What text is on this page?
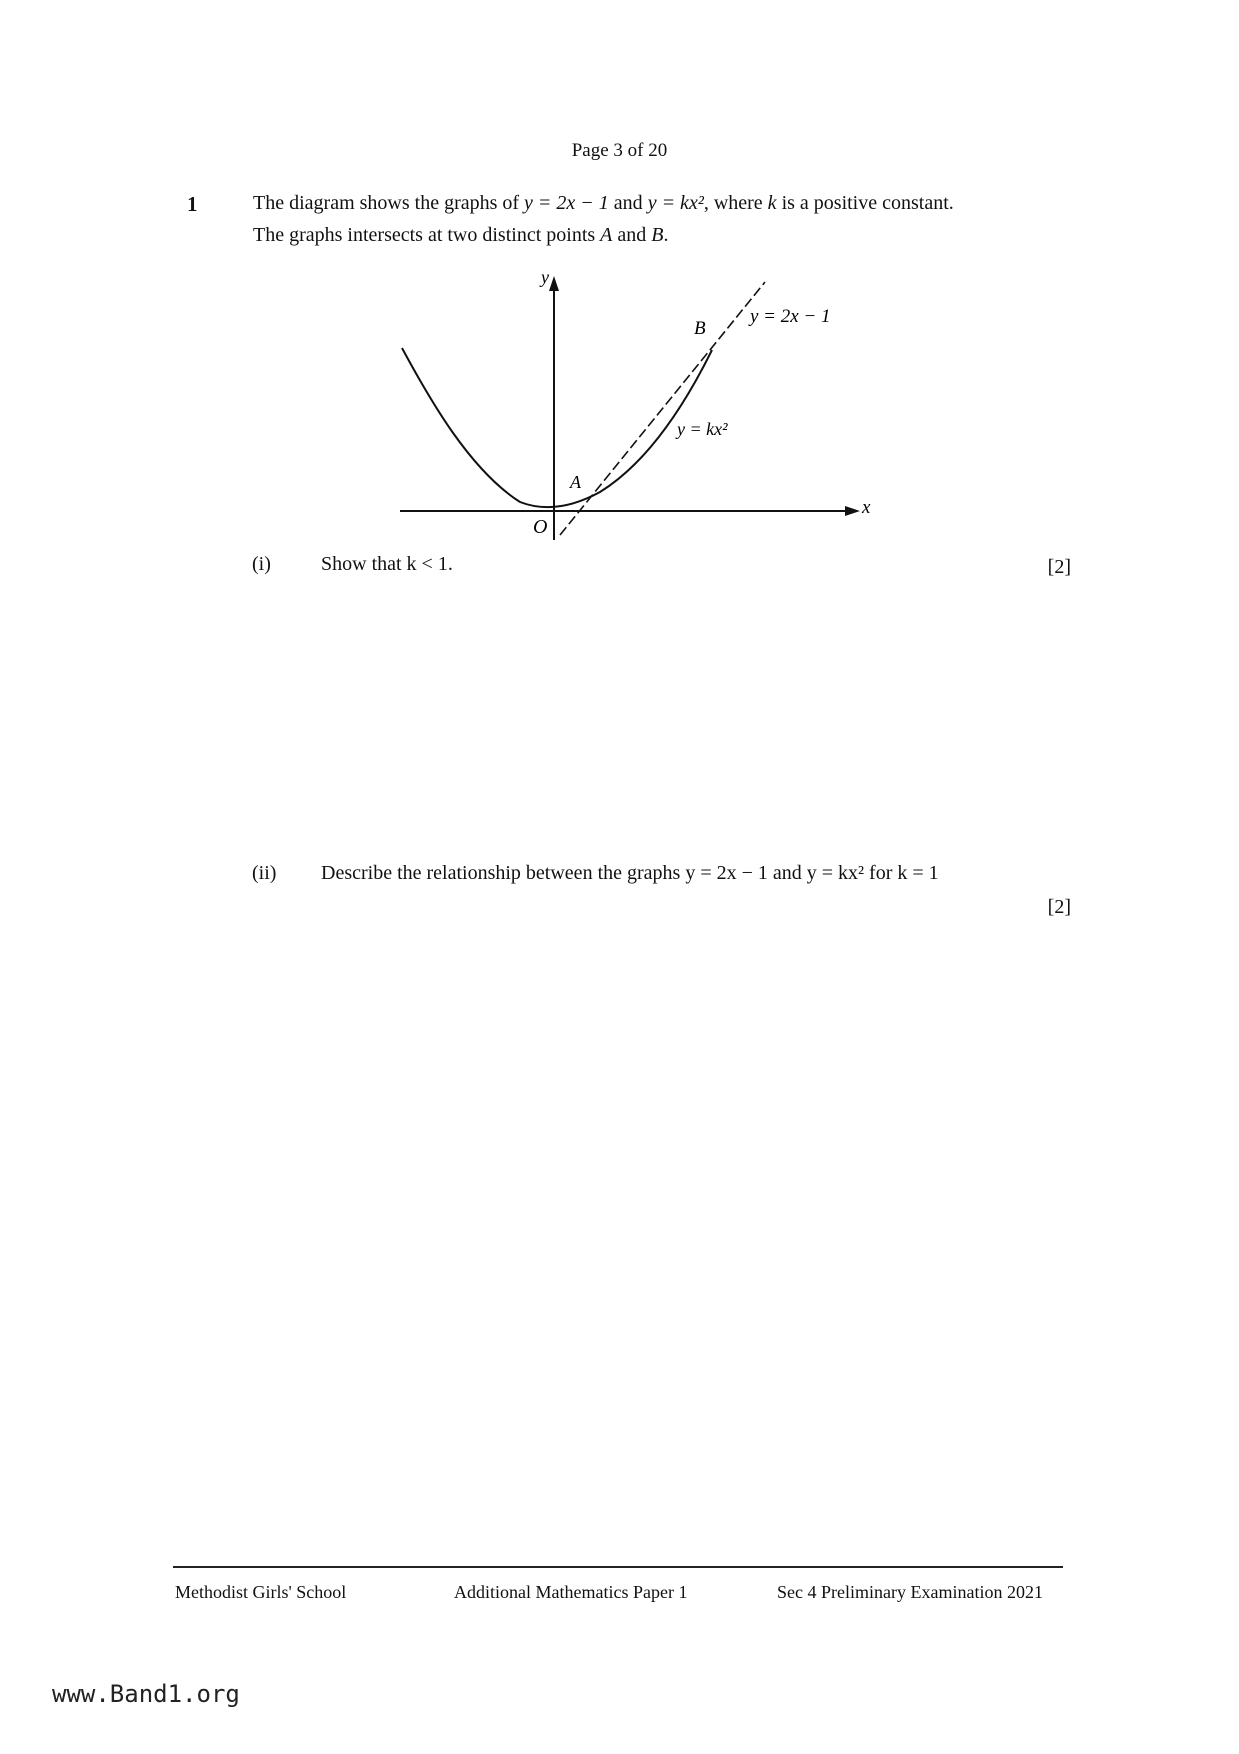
Page 3 of 20
1	The diagram shows the graphs of y = 2x − 1 and y = kx², where k is a positive constant.
The graphs intersects at two distinct points A and B.
y
x
O
A
B
y = 2x − 1
y = kx²
(i)	Show that k < 1.	[2]
(ii) Describe the relationship between the graphs y = 2x − 1 and y = kx² for k = 1
[2]
Methodist Girls' School	Additional Mathematics Paper 1	Sec 4 Preliminary Examination 2021
www.Band1.org
